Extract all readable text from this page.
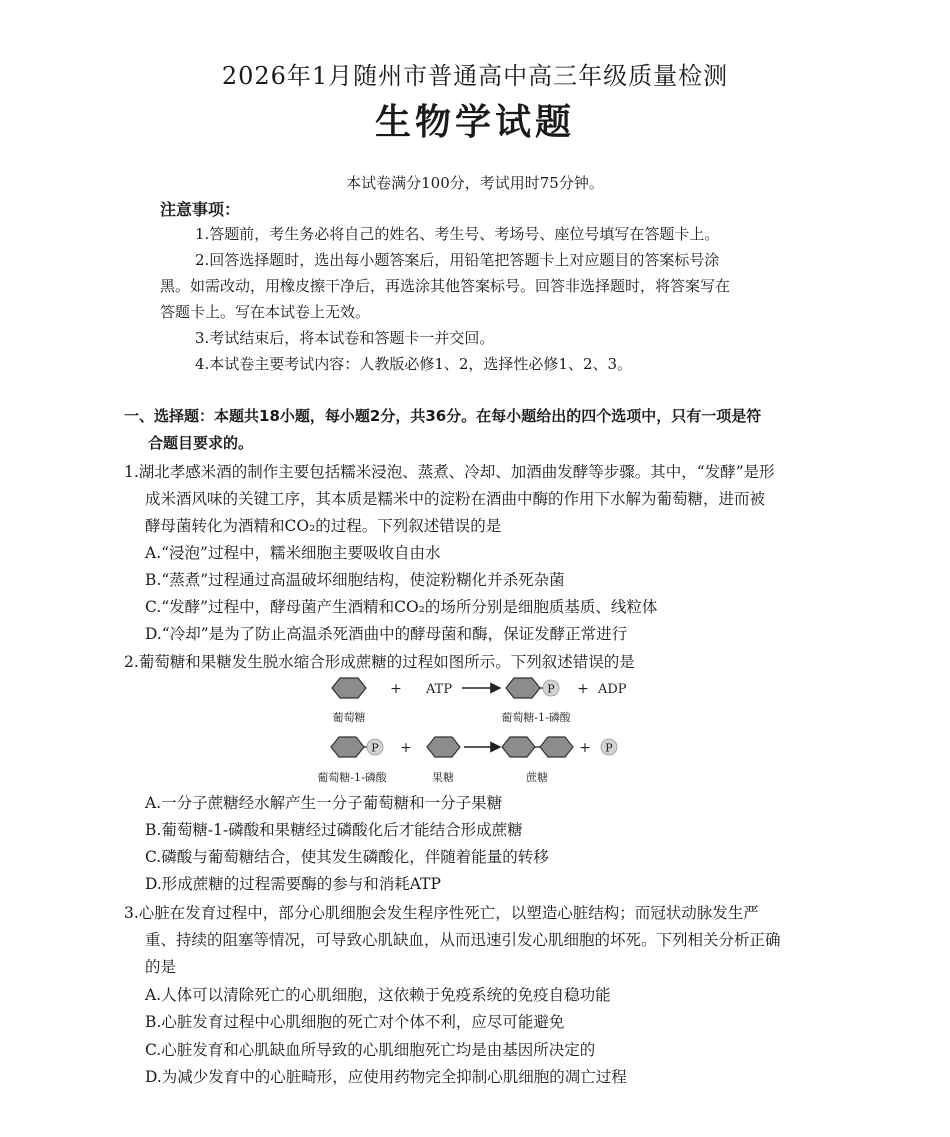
2026年1月随州市普通高中高三年级质量检测
生物学试题
本试卷满分100分，考试用时75分钟。
注意事项：
1.答题前，考生务必将自己的姓名、考生号、考场号、座位号填写在答题卡上。
2.回答选择题时，选出每小题答案后，用铅笔把答题卡上对应题目的答案标号涂
黑。如需改动，用橡皮擦干净后，再选涂其他答案标号。回答非选择题时，将答案写在
答题卡上。写在本试卷上无效。
3.考试结束后，将本试卷和答题卡一并交回。
4.本试卷主要考试内容：人教版必修1、2，选择性必修1、2、3。
一、选择题：本题共18小题，每小题2分，共36分。在每小题给出的四个选项中，只有一项是符
合题目要求的。
1.湖北孝感米酒的制作主要包括糯米浸泡、蒸煮、冷却、加酒曲发酵等步骤。其中，“发酵”是形
成米酒风味的关键工序，其本质是糯米中的淀粉在酒曲中酶的作用下水解为葡萄糖，进而被
酵母菌转化为酒精和CO₂的过程。下列叙述错误的是
A.“浸泡”过程中，糯米细胞主要吸收自由水
B.“蒸煮”过程通过高温破坏细胞结构，使淀粉糊化并杀死杂菌
C.“发酵”过程中，酵母菌产生酒精和CO₂的场所分别是细胞质基质、线粒体
D.“冷却”是为了防止高温杀死酒曲中的酵母菌和酶，保证发酵正常进行
2.葡萄糖和果糖发生脱水缩合形成蔗糖的过程如图所示。下列叙述错误的是
+ ATP	P + ADP
葡萄糖	葡萄糖-1-磷酸
P +	+ P
葡萄糖-1-磷酸	果糖	蔗糖
A.一分子蔗糖经水解产生一分子葡萄糖和一分子果糖
B.葡萄糖-1-磷酸和果糖经过磷酸化后才能结合形成蔗糖
C.磷酸与葡萄糖结合，使其发生磷酸化，伴随着能量的转移
D.形成蔗糖的过程需要酶的参与和消耗ATP
3.心脏在发育过程中，部分心肌细胞会发生程序性死亡，以塑造心脏结构；而冠状动脉发生严
重、持续的阻塞等情况，可导致心肌缺血，从而迅速引发心肌细胞的坏死。下列相关分析正确
的是
A.人体可以清除死亡的心肌细胞，这依赖于免疫系统的免疫自稳功能
B.心脏发育过程中心肌细胞的死亡对个体不利，应尽可能避免
C.心脏发育和心肌缺血所导致的心肌细胞死亡均是由基因所决定的
D.为减少发育中的心脏畸形，应使用药物完全抑制心肌细胞的凋亡过程
